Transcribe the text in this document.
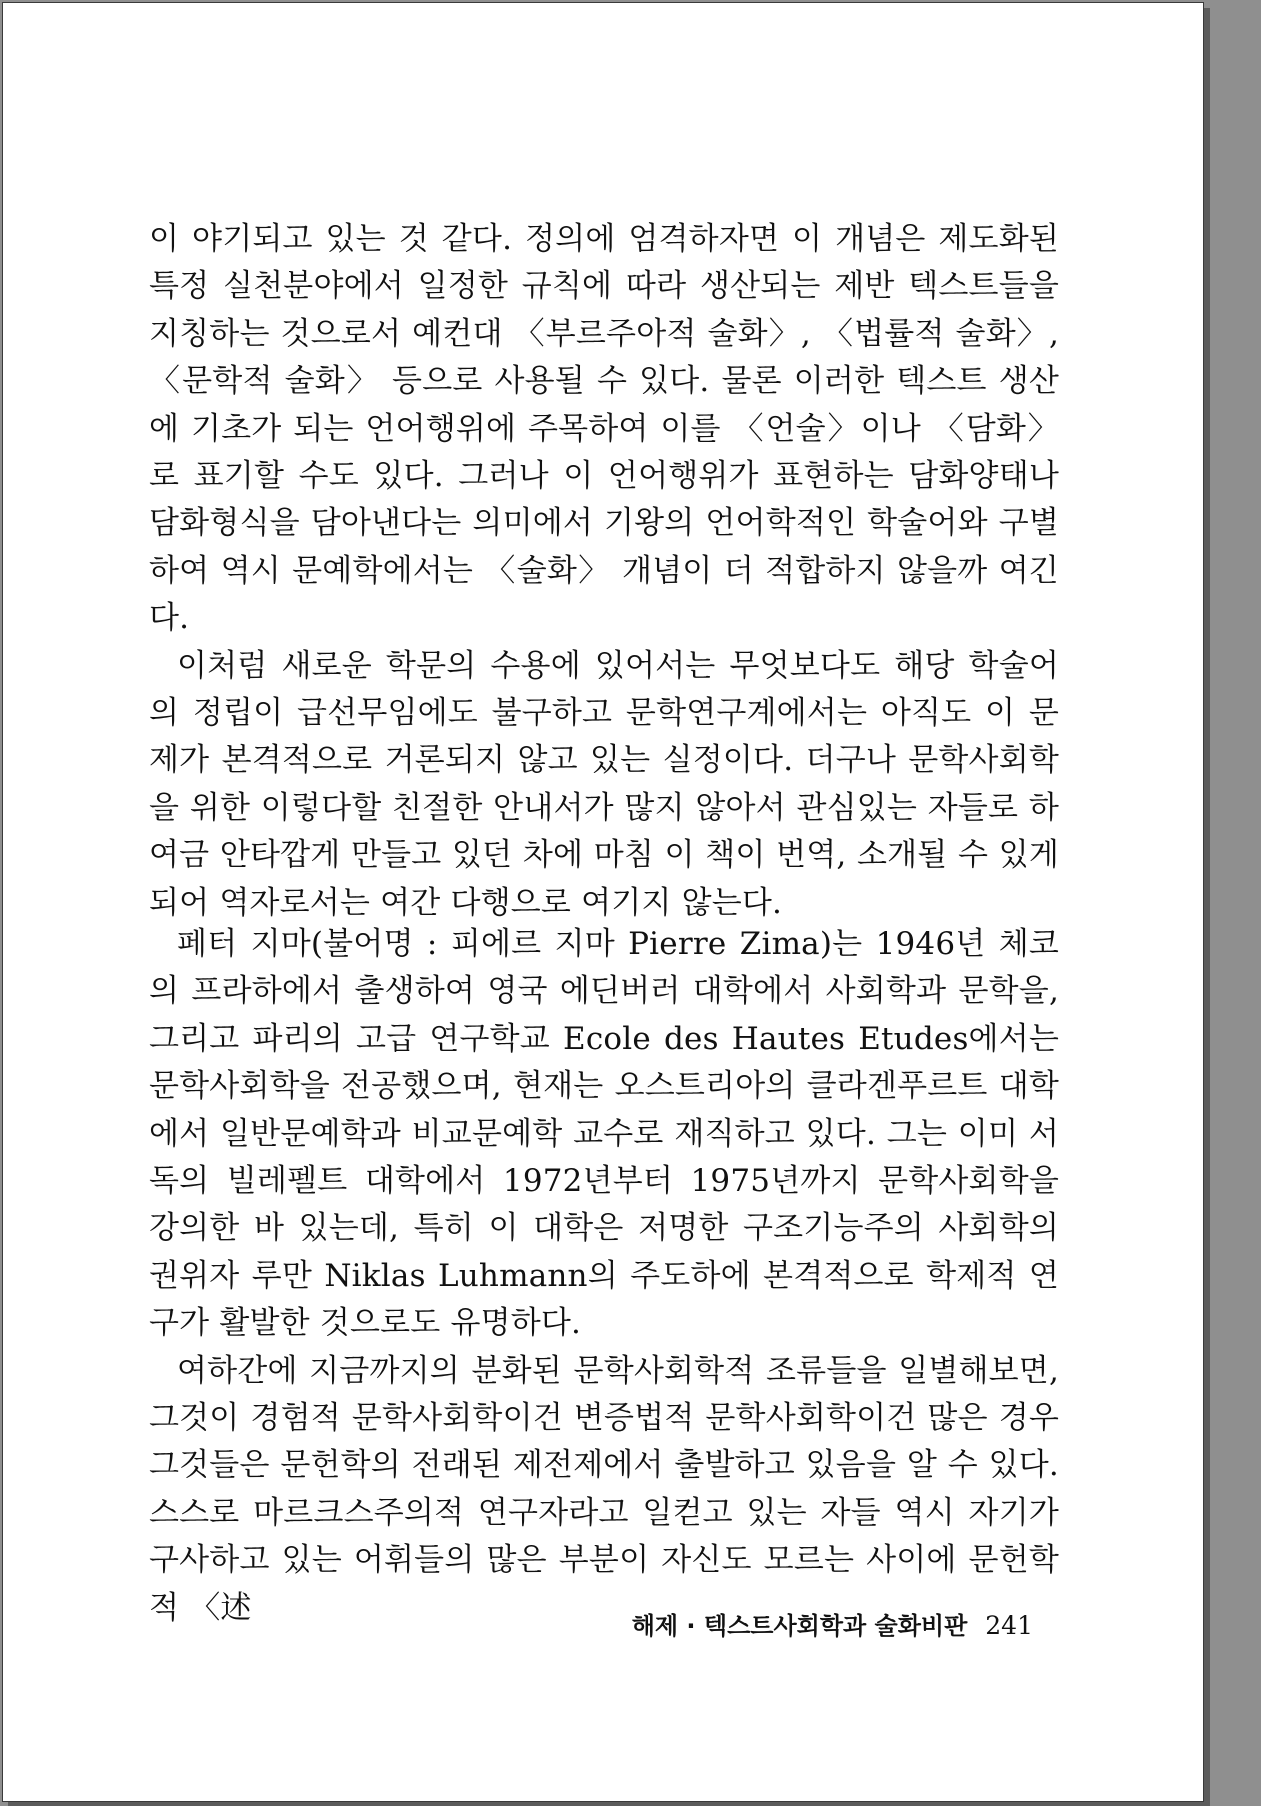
이 야기되고 있는 것 같다. 정의에 엄격하자면 이 개념은 제도화된 특정 실천분야에서 일정한 규칙에 따라 생산되는 제반 텍스트들을 지칭하는 것으로서 예컨대 〈부르주아적 술화〉, 〈법률적 술화〉, 〈문학적 술화〉 등으로 사용될 수 있다. 물론 이러한 텍스트 생산에 기초가 되는 언어행위에 주목하여 이를 〈언술〉이나 〈담화〉로 표기할 수도 있다. 그러나 이 언어행위가 표현하는 담화양태나 담화형식을 담아낸다는 의미에서 기왕의 언어학적인 학술어와 구별하여 역시 문예학에서는 〈술화〉 개념이 더 적합하지 않을까 여긴다.

이처럼 새로운 학문의 수용에 있어서는 무엇보다도 해당 학술어의 정립이 급선무임에도 불구하고 문학연구계에서는 아직도 이 문제가 본격적으로 거론되지 않고 있는 실정이다. 더구나 문학사회학을 위한 이렇다할 친절한 안내서가 많지 않아서 관심있는 자들로 하여금 안타깝게 만들고 있던 차에 마침 이 책이 번역, 소개될 수 있게 되어 역자로서는 여간 다행으로 여기지 않는다.

페터 지마(불어명 : 피에르 지마 Pierre Zima)는 1946년 체코의 프라하에서 출생하여 영국 에딘버러 대학에서 사회학과 문학을, 그리고 파리의 고급 연구학교 Ecole des Hautes Etudes에서는 문학사회학을 전공했으며, 현재는 오스트리아의 클라겐푸르트 대학에서 일반문예학과 비교문예학 교수로 재직하고 있다. 그는 이미 서독의 빌레펠트 대학에서 1972년부터 1975년까지 문학사회학을 강의한 바 있는데, 특히 이 대학은 저명한 구조기능주의 사회학의 권위자 루만 Niklas Luhmann의 주도하에 본격적으로 학제적 연구가 활발한 것으로도 유명하다.

여하간에 지금까지의 분화된 문학사회학적 조류들을 일별해보면, 그것이 경험적 문학사회학이건 변증법적 문학사회학이건 많은 경우 그것들은 문헌학의 전래된 제전제에서 출발하고 있음을 알 수 있다. 스스로 마르크스주의적 연구자라고 일컫고 있는 자들 역시 자기가 구사하고 있는 어휘들의 많은 부분이 자신도 모르는 사이에 문헌학적 〈述

해제 · 텍스트사회학과 술화비판 241
